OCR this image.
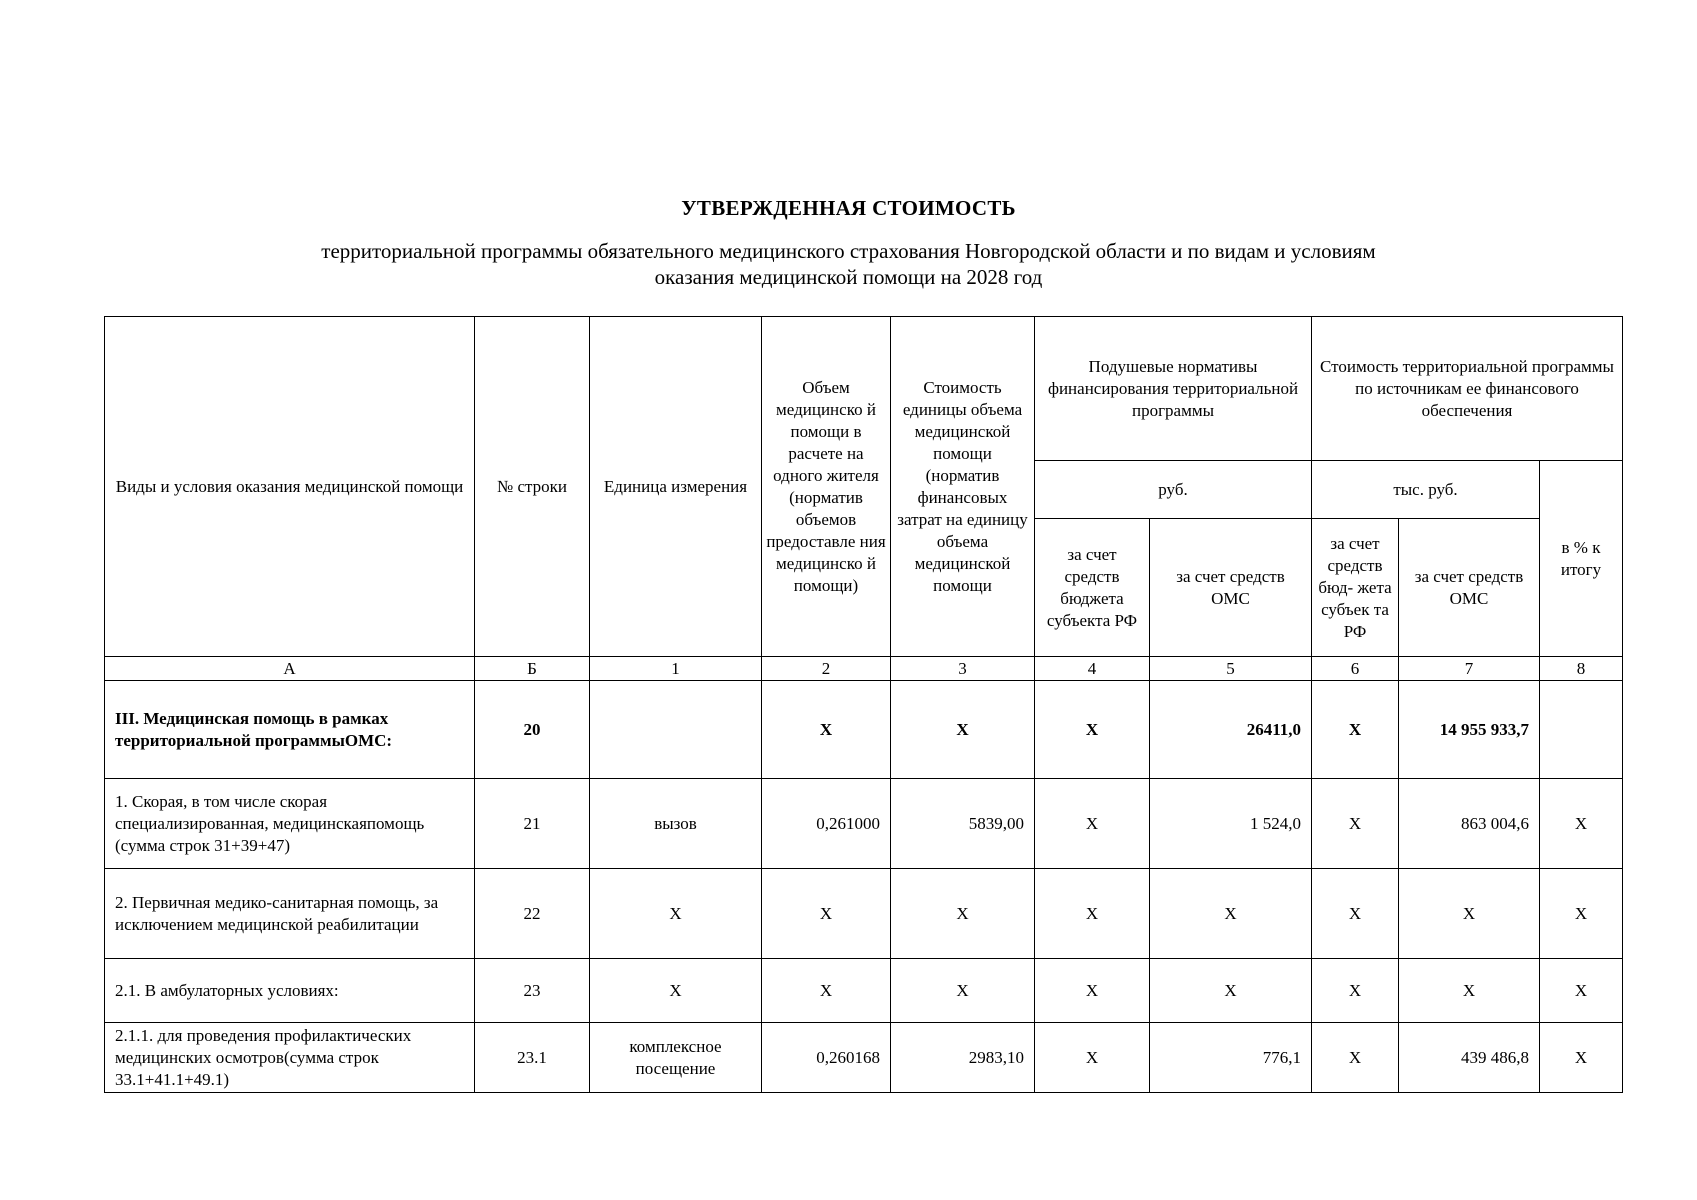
УТВЕРЖДЕННАЯ СТОИМОСТЬ
территориальной программы обязательного медицинского страхования Новгородской области и по видам и условиям
оказания медицинской помощи на 2028 год
Виды и условия оказания медицинской помощи	№ строки	Единица измерения	Объем медицинско й помощи в расчете на одного жителя (норматив объемов предоставле ния медицинско й помощи)	Стоимость единицы объема медицинской помощи (норматив финансовых затрат на единицу объема медицинской помощи	Подушевые нормативы финансирования территориальной программы		Стоимость территориальной программы по источникам ее финансового обеспечения		
					руб.		тыс. руб.		в % к итогу
					за счет средств бюджета субъекта РФ	за счет средств ОМС	за счет средств бюд- жета субъек та РФ	за счет средств ОМС	
А	Б	1	2	3	4	5	6	7	8
III. Медицинская помощь в рамках территориальной программыОМС:	20		Х	Х	Х	26411,0	Х	14 955 933,7	
1. Скорая, в том числе скорая специализированная, медицинскаяпомощь (сумма строк 31+39+47)	21	вызов	0,261000	5839,00	Х	1 524,0	Х	863 004,6	Х
2. Первичная медико-санитарная помощь, за исключением медицинской реабилитации	22	Х	Х	Х	Х	Х	Х	Х	Х
2.1. В амбулаторных условиях:	23	Х	Х	Х	Х	Х	Х	Х	Х
2.1.1. для проведения профилактических медицинских осмотров(сумма строк 33.1+41.1+49.1)	23.1	комплексное посещение	0,260168	2983,10	Х	776,1	Х	439 486,8	Х
